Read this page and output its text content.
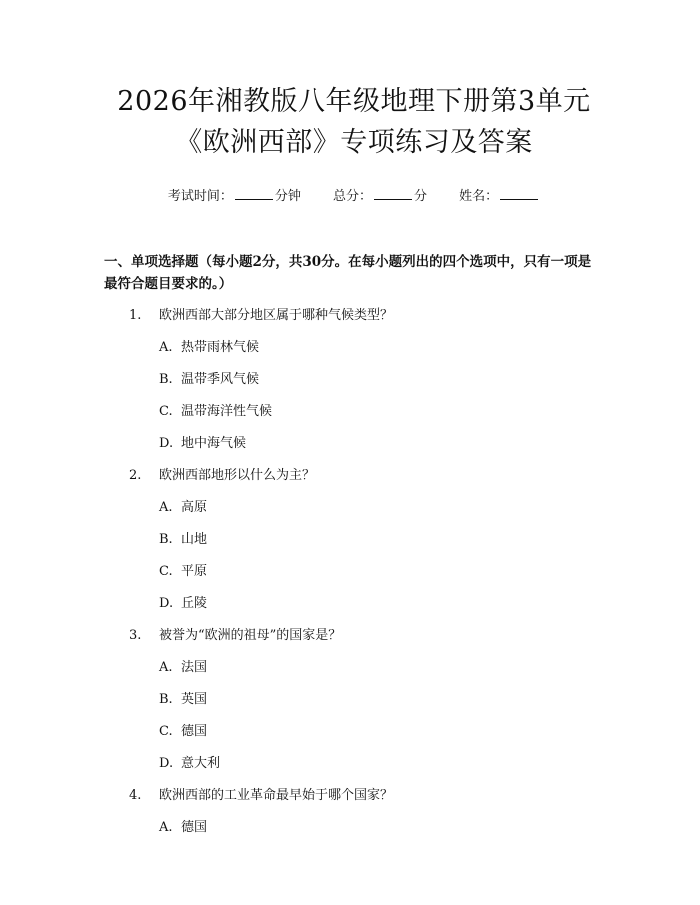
2026年湘教版八年级地理下册第3单元《欧洲西部》专项练习及答案
考试时间：	分钟 总分：	分 姓名：
一、单项选择题（每小题2分，共30分。在每小题列出的四个选项中，只有一项是最符合题目要求的。）
1.	欧洲西部大部分地区属于哪种气候类型？
A. 热带雨林气候
B. 温带季风气候
C. 温带海洋性气候
D. 地中海气候
2.	欧洲西部地形以什么为主？
A. 高原
B. 山地
C. 平原
D. 丘陵
3.	被誉为“欧洲的祖母”的国家是？
A. 法国
B. 英国
C. 德国
D. 意大利
4.	欧洲西部的工业革命最早始于哪个国家？
A. 德国
